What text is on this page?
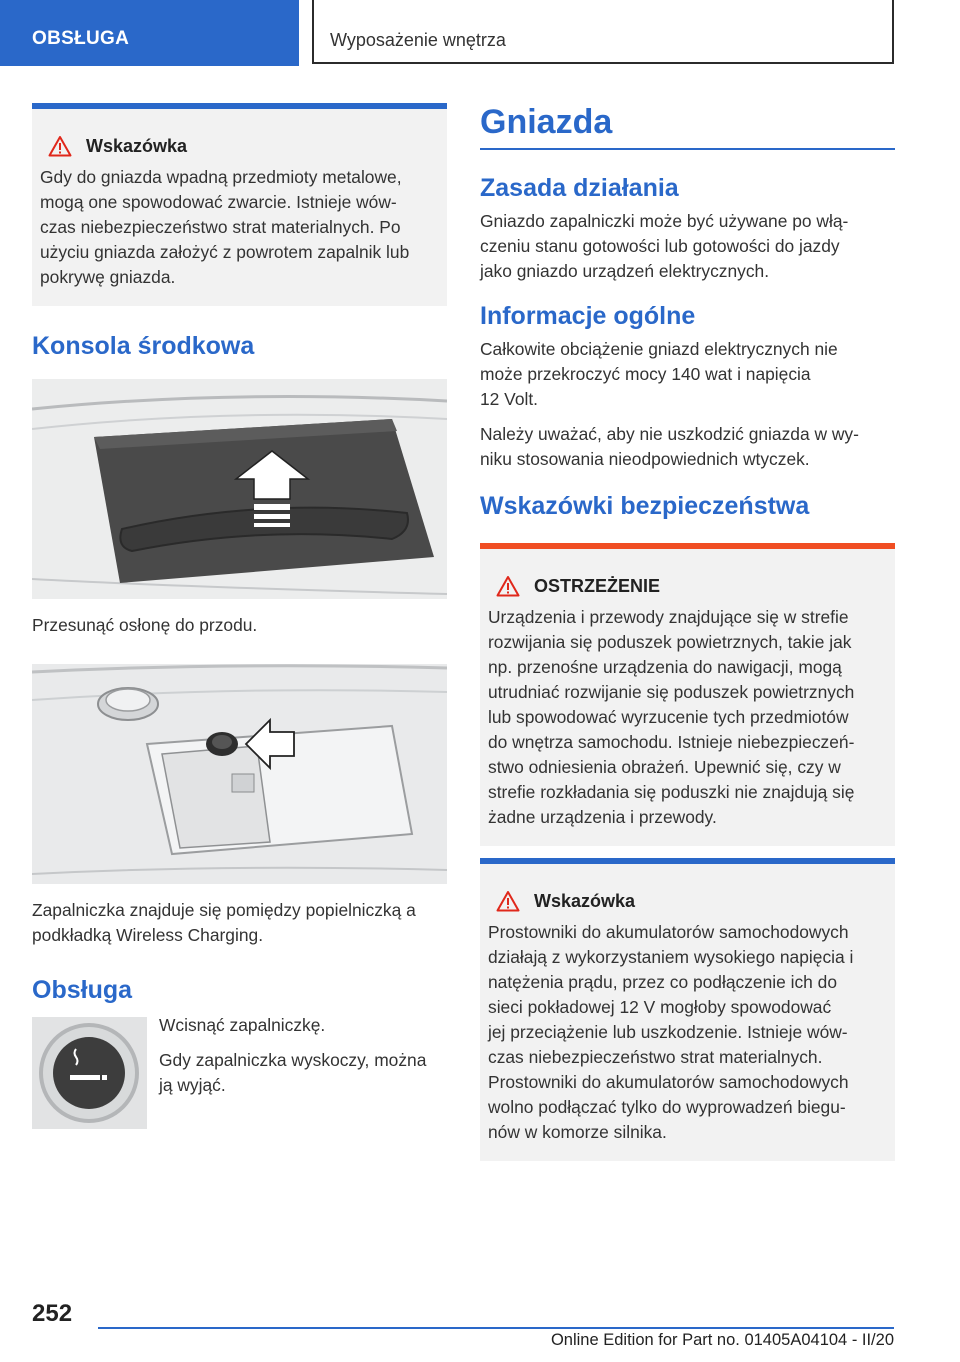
OBSŁUGA	Wyposażenie wnętrza
Wskazówka

Gdy do gniazda wpadną przedmioty metalowe,

mogą one spowodować zwarcie. Istnieje wów-

czas niebezpieczeństwo strat materialnych. Po

użyciu gniazda założyć z powrotem zapalnik lub

pokrywę gniazda.

Konsola środkowa

Przesunąć osłonę do przodu.

Zapalniczka znajduje się pomiędzy popielniczką a

podkładką Wireless Charging.

Obsługa

Wcisnąć zapalniczkę.

Gdy zapalniczka wyskoczy, można

ją wyjąć.

Gniazda
Zasada działania

Gniazdo zapalniczki może być używane po włą-

czeniu stanu gotowości lub gotowości do jazdy

jako gniazdo urządzeń elektrycznych.

Informacje ogólne

Całkowite obciążenie gniazd elektrycznych nie

może przekroczyć mocy 140 wat i napięcia

12 Volt.

Należy uważać, aby nie uszkodzić gniazda w wy-

niku stosowania nieodpowiednich wtyczek.

Wskazówki bezpieczeństwa
OSTRZEŻENIE

Urządzenia i przewody znajdujące się w strefie

rozwijania się poduszek powietrznych, takie jak

np. przenośne urządzenia do nawigacji, mogą

utrudniać rozwijanie się poduszek powietrznych

lub spowodować wyrzucenie tych przedmiotów

do wnętrza samochodu. Istnieje niebezpieczeń-

stwo odniesienia obrażeń. Upewnić się, czy w

strefie rozkładania się poduszki nie znajdują się

żadne urządzenia i przewody.

Wskazówka

Prostowniki do akumulatorów samochodowych

działają z wykorzystaniem wysokiego napięcia i

natężenia prądu, przez co podłączenie ich do

sieci pokładowej 12 V mogłoby spowodować

jej przeciążenie lub uszkodzenie. Istnieje wów-

czas niebezpieczeństwo strat materialnych.

Prostowniki do akumulatorów samochodowych

wolno podłączać tylko do wyprowadzeń biegu-

nów w komorze silnika.

252
Online Edition for Part no. 01405A04104 - II/20
